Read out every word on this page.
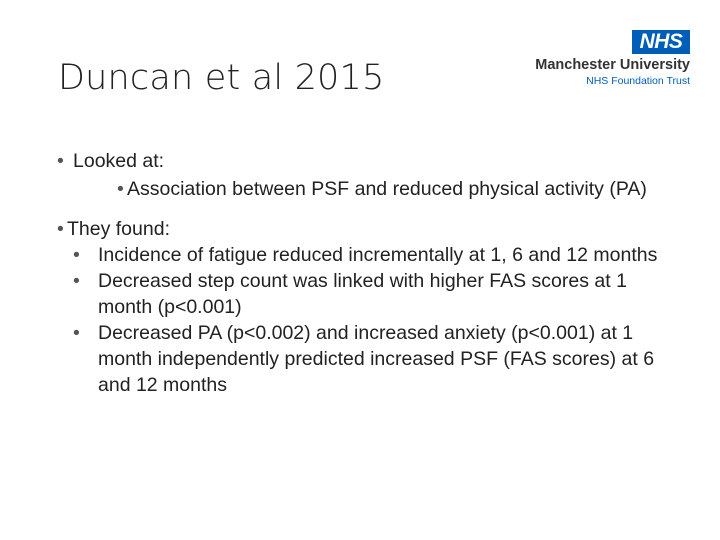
Duncan et al 2015
NHS
Manchester University
NHS Foundation Trust
• Looked at:
• Association between PSF and reduced physical activity (PA)
• They found:
• Incidence of fatigue reduced incrementally at 1, 6 and 12 months
• Decreased step count was linked with higher FAS scores at 1 month (p<0.001)
• Decreased PA (p<0.002) and increased anxiety (p<0.001) at 1 month independently predicted increased PSF (FAS scores) at 6 and 12 months
